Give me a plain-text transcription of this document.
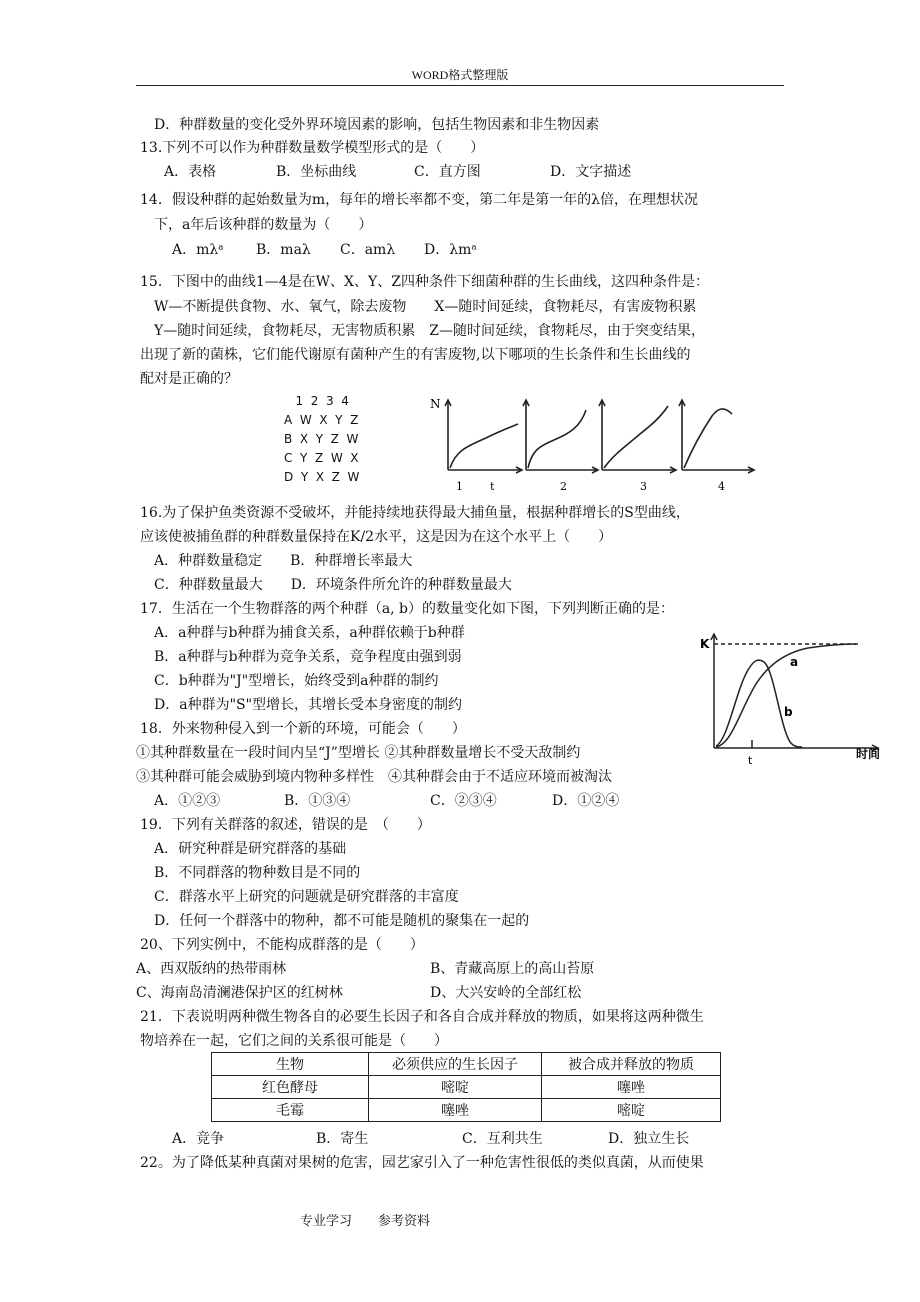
WORD格式整理版
D．种群数量的变化受外界环境因素的影响，包括生物因素和非生物因素
13.下列不可以作为种群数量数学模型形式的是（　　）
A．表格	B．坐标曲线	C．直方图	D．文字描述
14．假设种群的起始数量为m，每年的增长率都不变，第二年是第一年的λ倍，在理想状况
下，a年后该种群的数量为（　　）
A．mλᵃ B．maλ C．amλ D．λmᵃ
15．下图中的曲线1—4是在W、X、Y、Z四种条件下细菌种群的生长曲线，这四种条件是：
W—不断提供食物、水、氧气，除去废物　　X—随时间延续，食物耗尽，有害废物积累
Y—随时间延续，食物耗尽，无害物质积累　Z—随时间延续，食物耗尽，由于突变结果，
出现了新的菌株，它们能代谢原有菌种产生的有害废物,以下哪项的生长条件和生长曲线的
配对是正确的？
1  2  3  4
A  W  X  Y  Z
B  X  Y  Z  W
C  Y  Z  W  X
D  Y  X  Z  W
N
t
1	2	3	4
16.为了保护鱼类资源不受破坏，并能持续地获得最大捕鱼量，根据种群增长的S型曲线，
应该使被捕鱼群的种群数量保持在K/2水平，这是因为在这个水平上（　　）
A．种群数量稳定　　B．种群增长率最大
C．种群数量最大　　D．环境条件所允许的种群数量最大
17．生活在一个生物群落的两个种群（a, b）的数量变化如下图，下列判断正确的是：
A．a种群与b种群为捕食关系，a种群依赖于b种群
B．a种群与b种群为竞争关系，竞争程度由强到弱
C．b种群为"J"型增长，始终受到a种群的制约
D．a种群为"S"型增长，其增长受本身密度的制约
K
a
b
t	时间
18．外来物种侵入到一个新的环境，可能会（　　）
①其种群数量在一段时间内呈“J”型增长 ②其种群数量增长不受天敌制约
③其种群可能会威胁到境内物种多样性　④其种群会由于不适应环境而被淘汰
A．①②③	B．①③④	C．②③④	D．①②④
19．下列有关群落的叙述，错误的是　（　　）
A．研究种群是研究群落的基础
B．不同群落的物种数目是不同的
C．群落水平上研究的问题就是研究群落的丰富度
D．任何一个群落中的物种，都不可能是随机的聚集在一起的
20、下列实例中，不能构成群落的是（　　）
A、西双版纳的热带雨林	B、青藏高原上的高山苔原
C、海南岛清澜港保护区的红树林	D、大兴安岭的全部红松
21．下表说明两种微生物各自的必要生长因子和各自合成并释放的物质，如果将这两种微生
物培养在一起，它们之间的关系很可能是（　　）
生物	必须供应的生长因子	被合成并释放的物质
红色酵母	嘧啶	噻唑
毛霉	噻唑	嘧啶
A．竞争	B．寄生	C．互利共生	D．独立生长
22。为了降低某种真菌对果树的危害，园艺家引入了一种危害性很低的类似真菌，从而使果
专业学习 参考资料
